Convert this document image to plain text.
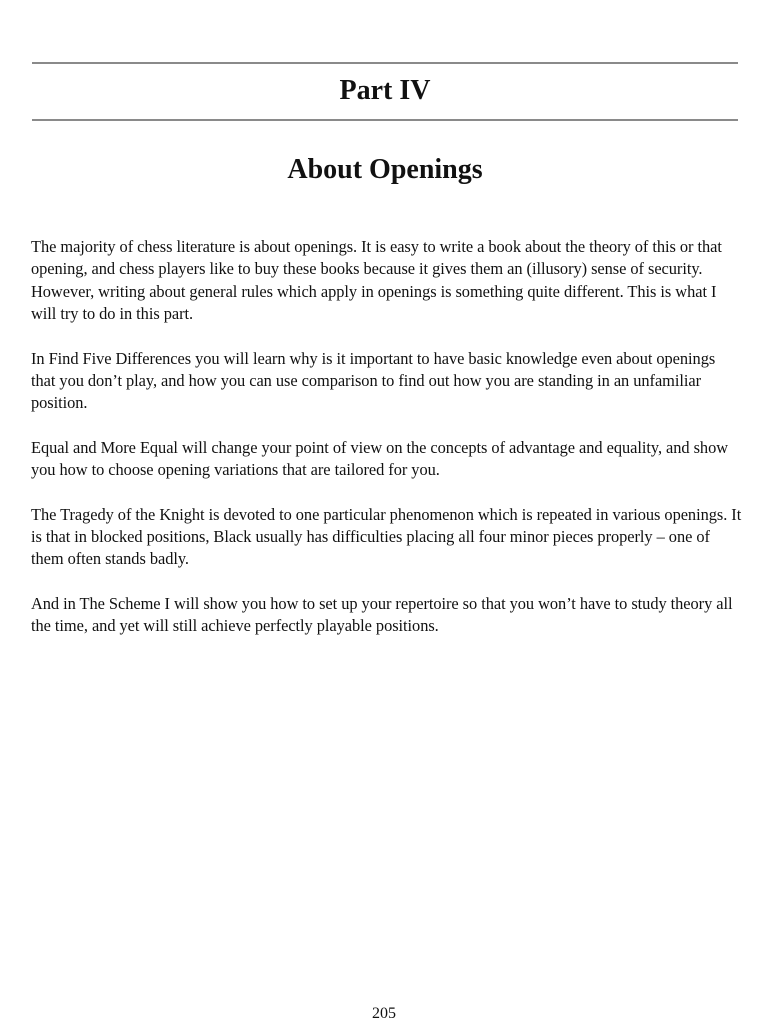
Part IV
About Openings

The majority of chess literature is about openings. It is easy to write a book about the theory of this or that opening, and chess players like to buy these books because it gives them an (illusory) sense of security. However, writing about general rules which apply in openings is something quite different. This is what I will try to do in this part.

In Find Five Differences you will learn why is it important to have basic knowledge even about openings that you don’t play, and how you can use comparison to find out how you are standing in an unfamiliar position.

Equal and More Equal will change your point of view on the concepts of advantage and equality, and show you how to choose opening variations that are tailored for you.

The Tragedy of the Knight is devoted to one particular phenomenon which is repeated in various openings. It is that in blocked positions, Black usually has difficulties placing all four minor pieces properly – one of them often stands badly.

And in The Scheme I will show you how to set up your repertoire so that you won’t have to study theory all the time, and yet will still achieve perfectly playable positions.

205
